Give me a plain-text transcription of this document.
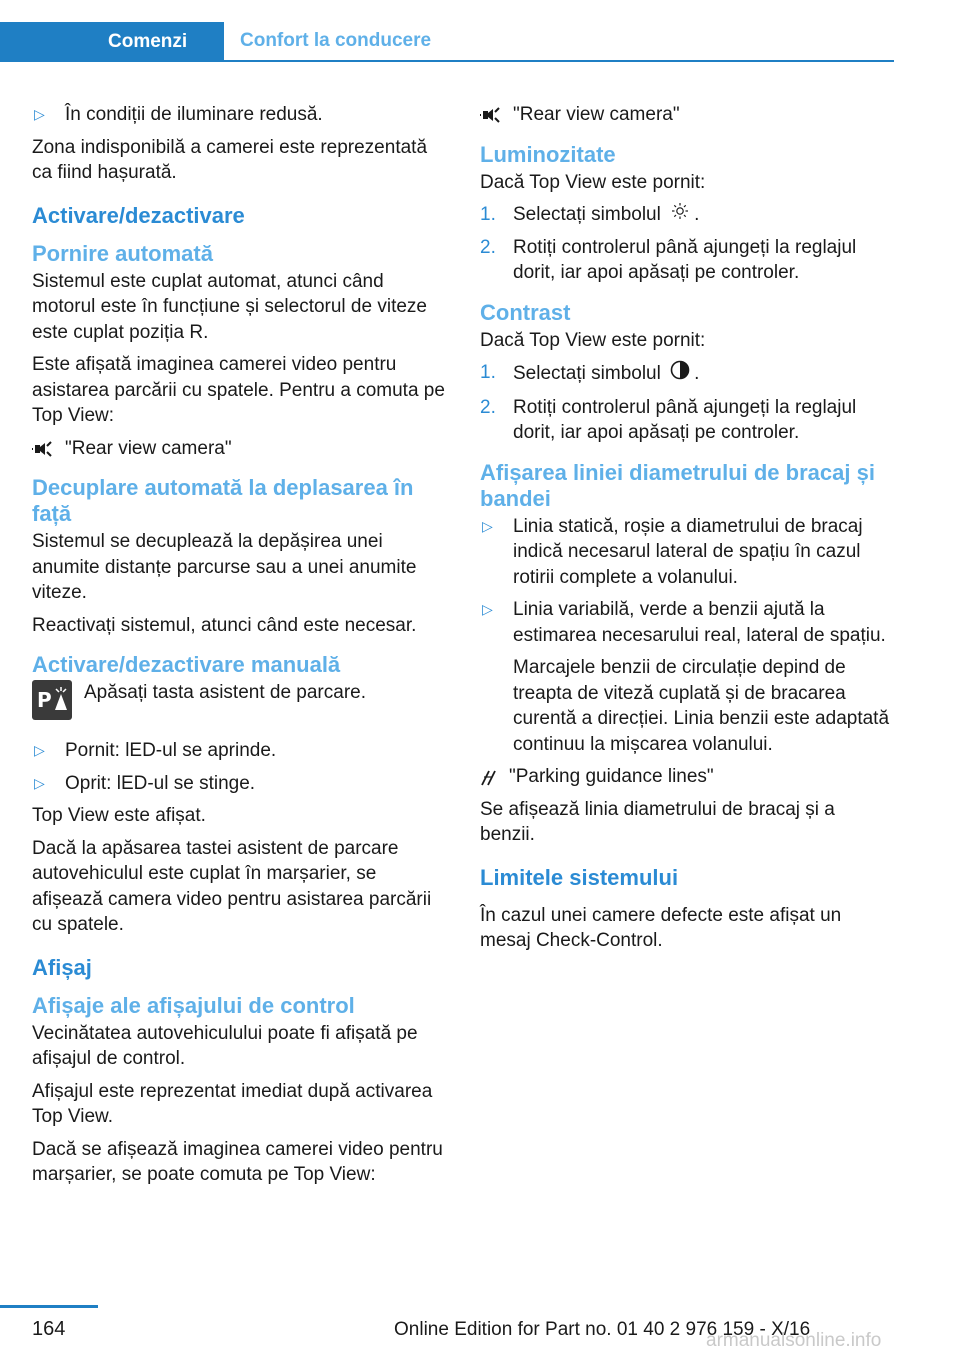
Comenzi	Confort la conducere
▷ În condiții de iluminare redusă.

Zona indisponibilă a camerei este reprezentată ca fiind hașurată.

Activare/dezactivare
Pornire automată

Sistemul este cuplat automat, atunci când motorul este în funcțiune și selectorul de viteze este cuplat poziția R.

Este afișată imaginea camerei video pentru asistarea parcării cu spatele. Pentru a comuta pe Top View:

"Rear view camera"
Decuplare automată la deplasarea în față

Sistemul se decuplează la depășirea unei anumite distanțe parcurse sau a unei anumite viteze.

Reactivați sistemul, atunci când este necesar.

Activare/dezactivare manuală
P Apăsați tasta asistent de parcare.
▷ Pornit: lED-ul se aprinde.
▷ Oprit: lED-ul se stinge.

Top View este afișat.

Dacă la apăsarea tastei asistent de parcare autovehiculul este cuplat în marșarier, se afișează camera video pentru asistarea parcării cu spatele.

Afișaj
Afișaje ale afișajului de control

Vecinătatea autovehiculului poate fi afișată pe afișajul de control.

Afișajul este reprezentat imediat după activarea Top View.

Dacă se afișează imaginea camerei video pentru marșarier, se poate comuta pe Top View:

"Rear view camera"
Luminozitate

Dacă Top View este pornit:

1. Selectați simbolul .
2. Rotiți controlerul până ajungeți la reglajul dorit, iar apoi apăsați pe controler.
Contrast

Dacă Top View este pornit:

1. Selectați simbolul .
2. Rotiți controlerul până ajungeți la reglajul dorit, iar apoi apăsați pe controler.
Afișarea liniei diametrului de bracaj și bandei
▷ Linia statică, roșie a diametrului de bracaj indică necesarul lateral de spațiu în cazul rotirii complete a volanului.
▷ Linia variabilă, verde a benzii ajută la estimarea necesarului real, lateral de spațiu.

Marcajele benzii de circulație depind de treapta de viteză cuplată și de bracarea curentă a direcției. Linia benzii este adaptată continuu la mișcarea volanului.

"Parking guidance lines"

Se afișează linia diametrului de bracaj și a benzii.

Limitele sistemului

În cazul unei camere defecte este afișat un mesaj Check-Control.

164	Online Edition for Part no. 01 40 2 976 159 - X/16
armanualsonline.info
